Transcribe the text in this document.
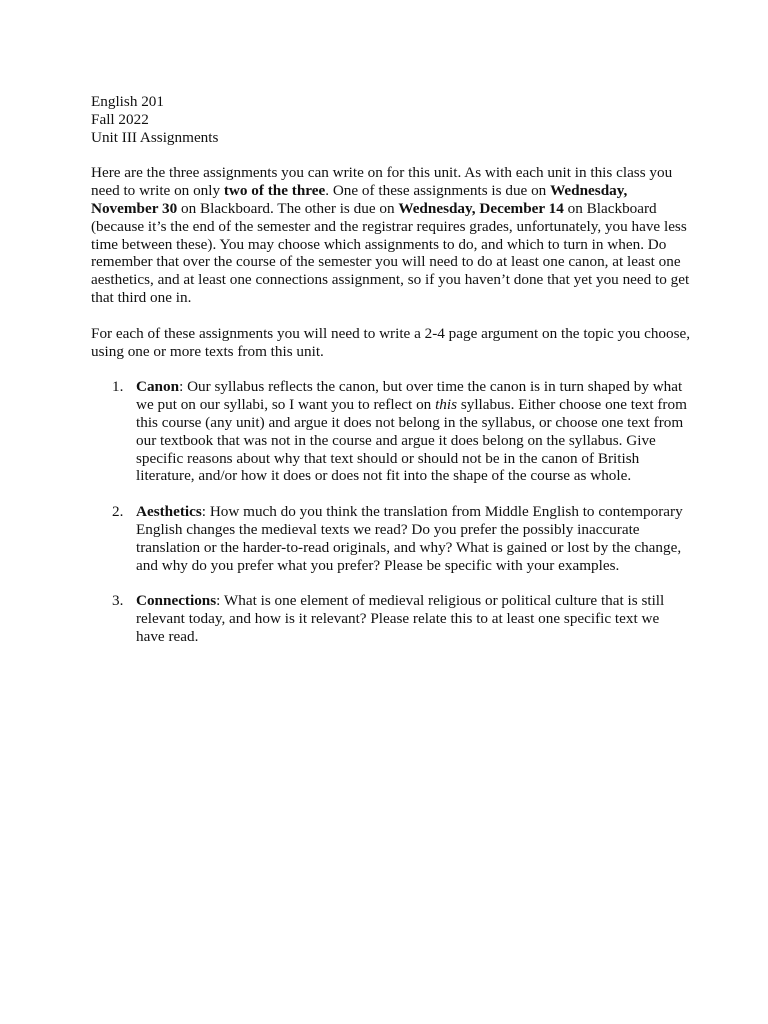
English 201

Fall 2022

Unit III Assignments

Here are the three assignments you can write on for this unit. As with each unit in this class you need to write on only two of the three. One of these assignments is due on Wednesday, November 30 on Blackboard. The other is due on Wednesday, December 14 on Blackboard (because it’s the end of the semester and the registrar requires grades, unfortunately, you have less time between these). You may choose which assignments to do, and which to turn in when. Do remember that over the course of the semester you will need to do at least one canon, at least one aesthetics, and at least one connections assignment, so if you haven’t done that yet you need to get that third one in.

For each of these assignments you will need to write a 2-4 page argument on the topic you choose, using one or more texts from this unit.

1. Canon: Our syllabus reflects the canon, but over time the canon is in turn shaped by what we put on our syllabi, so I want you to reflect on this syllabus. Either choose one text from this course (any unit) and argue it does not belong in the syllabus, or choose one text from our textbook that was not in the course and argue it does belong on the syllabus. Give specific reasons about why that text should or should not be in the canon of British literature, and/or how it does or does not fit into the shape of the course as whole.
2. Aesthetics: How much do you think the translation from Middle English to contemporary English changes the medieval texts we read? Do you prefer the possibly inaccurate translation or the harder-to-read originals, and why? What is gained or lost by the change, and why do you prefer what you prefer? Please be specific with your examples.
3. Connections: What is one element of medieval religious or political culture that is still relevant today, and how is it relevant? Please relate this to at least one specific text we have read.
